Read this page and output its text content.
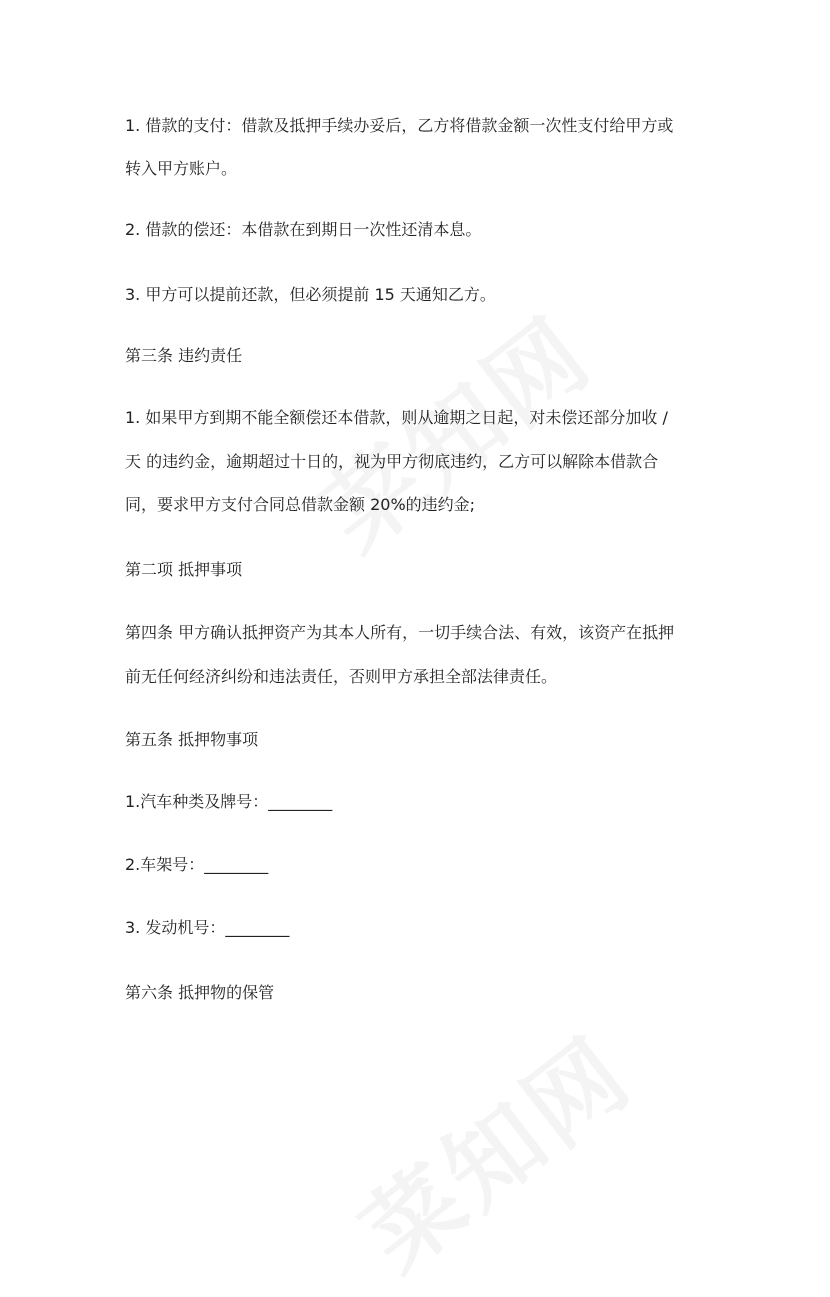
1. 借款的支付：借款及抵押手续办妥后，乙方将借款金额一次性支付给甲方或
转入甲方账户。
2. 借款的偿还：本借款在到期日一次性还清本息。
3. 甲方可以提前还款，但必须提前 15 天通知乙方。
第三条 违约责任
1. 如果甲方到期不能全额偿还本借款，则从逾期之日起，对未偿还部分加收 /
天 的违约金，逾期超过十日的，视为甲方彻底违约，乙方可以解除本借款合
同，要求甲方支付合同总借款金额 20%的违约金;
第二项 抵押事项
第四条 甲方确认抵押资产为其本人所有，一切手续合法、有效，该资产在抵押
前无任何经济纠纷和违法责任，否则甲方承担全部法律责任。
第五条 抵押物事项
1.汽车种类及牌号：________
2.车架号：________
3. 发动机号：________
第六条 抵押物的保管
